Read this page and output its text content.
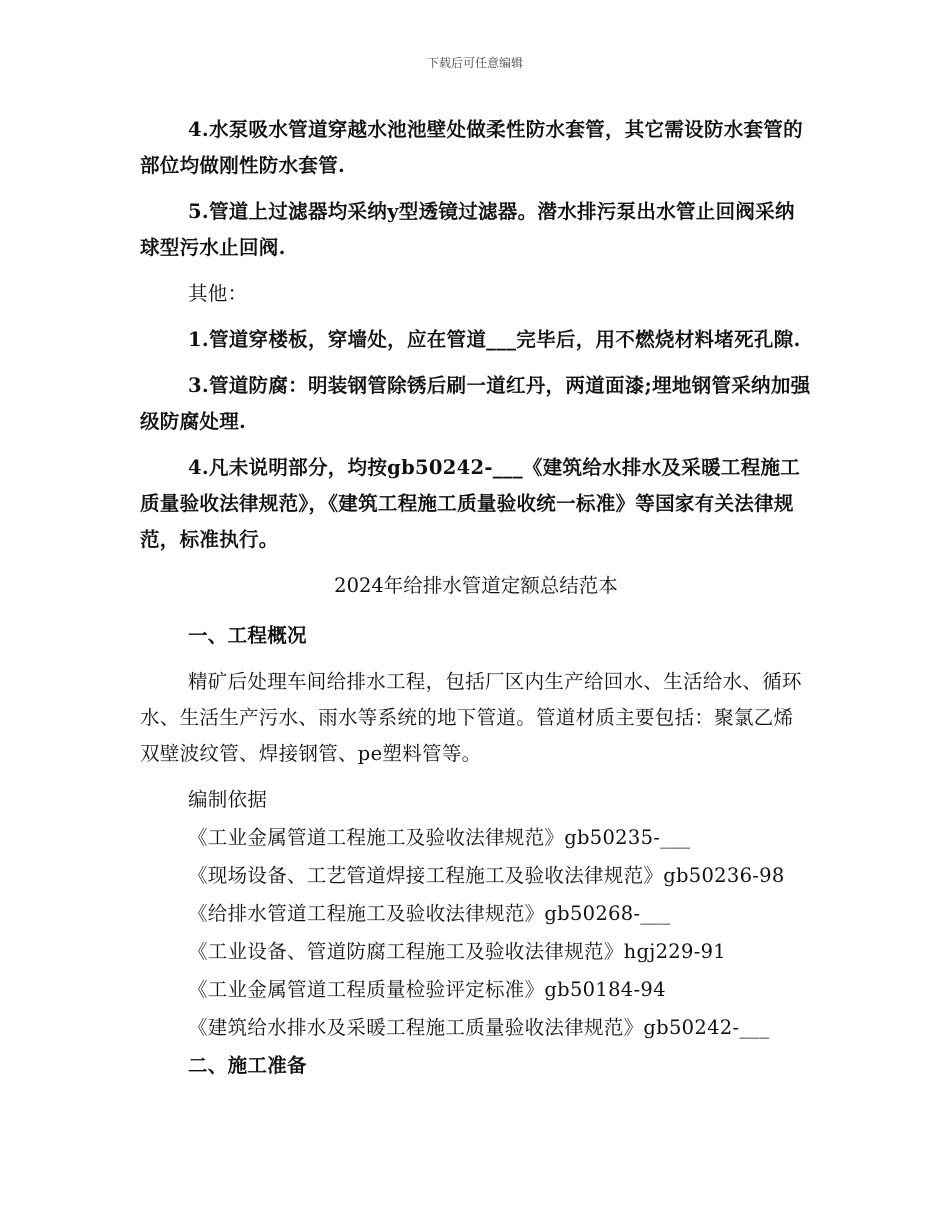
下载后可任意编辑

4.水泵吸水管道穿越水池池壁处做柔性防水套管，其它需设防水套管的部位均做刚性防水套管.

5.管道上过滤器均采纳y型透镜过滤器。潜水排污泵出水管止回阀采纳球型污水止回阀.

其他：

1.管道穿楼板，穿墙处，应在管道___完毕后，用不燃烧材料堵死孔隙.

3.管道防腐：明装钢管除锈后刷一道红丹，两道面漆;埋地钢管采纳加强级防腐处理.

4.凡未说明部分，均按gb50242-___《建筑给水排水及采暖工程施工质量验收法律规范》，《建筑工程施工质量验收统一标准》等国家有关法律规范，标准执行。

2024年给排水管道定额总结范本

一、工程概况

精矿后处理车间给排水工程，包括厂区内生产给回水、生活给水、循环水、生活生产污水、雨水等系统的地下管道。管道材质主要包括：聚氯乙烯双壁波纹管、焊接钢管、pe塑料管等。

编制依据

《工业金属管道工程施工及验收法律规范》gb50235-___

《现场设备、工艺管道焊接工程施工及验收法律规范》gb50236-98

《给排水管道工程施工及验收法律规范》gb50268-___

《工业设备、管道防腐工程施工及验收法律规范》hgj229-91

《工业金属管道工程质量检验评定标准》gb50184-94

《建筑给水排水及采暖工程施工质量验收法律规范》gb50242-___

二、施工准备
